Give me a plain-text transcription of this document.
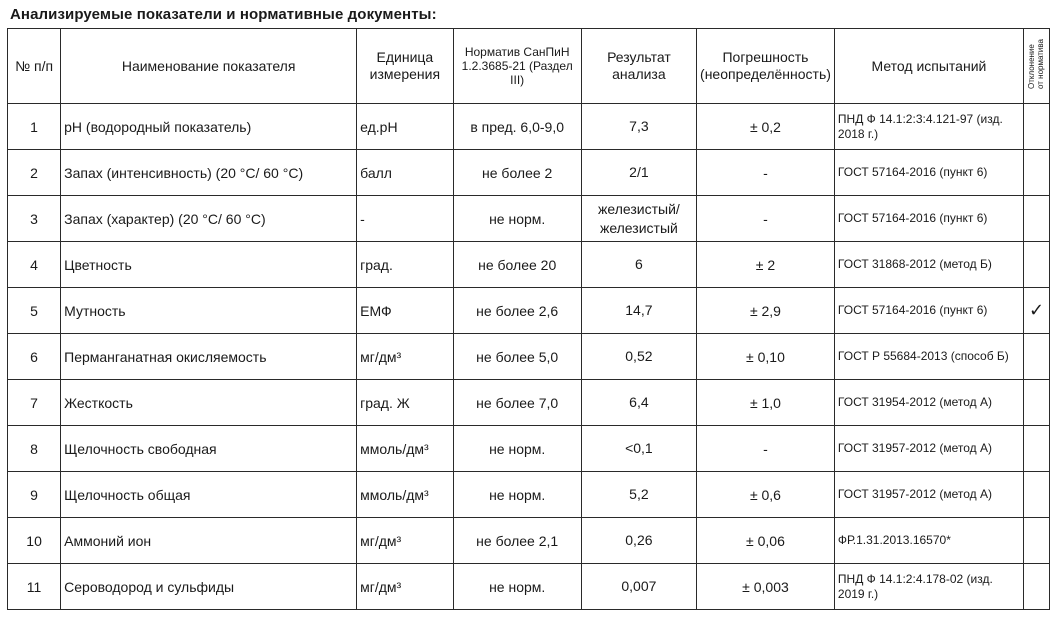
Анализируемые показатели и нормативные документы:
№ п/п	Наименование показателя	Единица измерения	Норматив СанПиН 1.2.3685-21 (Раздел III)	Результат анализа	Погрешность (неопределённость)	Метод испытаний	Отклонение
от норматива
1	pH (водородный показатель)	ед.pH	в пред. 6,0-9,0	7,3	± 0,2	ПНД Ф 14.1:2:3:4.121-97 (изд. 2018 г.)	
2	Запах (интенсивность) (20 °С/ 60 °С)	балл	не более 2	2/1	-	ГОСТ 57164-2016 (пункт 6)	
3	Запах (характер) (20 °С/ 60 °С)	-	не норм.	железистый/ железистый	-	ГОСТ 57164-2016 (пункт 6)	
4	Цветность	град.	не более 20	6	± 2	ГОСТ 31868-2012 (метод Б)	
5	Мутность	ЕМФ	не более 2,6	14,7	± 2,9	ГОСТ 57164-2016 (пункт 6)	✓
6	Перманганатная окисляемость	мг/дм³	не более 5,0	0,52	± 0,10	ГОСТ Р 55684-2013 (способ Б)	
7	Жесткость	град. Ж	не более 7,0	6,4	± 1,0	ГОСТ 31954-2012 (метод А)	
8	Щелочность свободная	ммоль/дм³	не норм.	<0,1	-	ГОСТ 31957-2012 (метод А)	
9	Щелочность общая	ммоль/дм³	не норм.	5,2	± 0,6	ГОСТ 31957-2012 (метод А)	
10	Аммоний ион	мг/дм³	не более 2,1	0,26	± 0,06	ФР.1.31.2013.16570*	
11	Сероводород и сульфиды	мг/дм³	не норм.	0,007	± 0,003	ПНД Ф 14.1:2:4.178-02 (изд. 2019 г.)	
